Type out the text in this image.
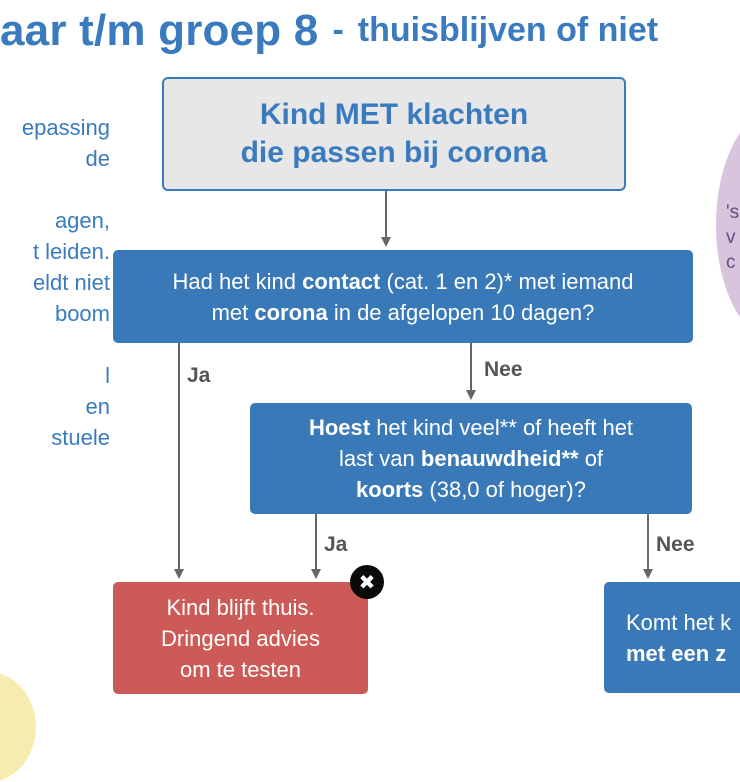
aar t/m groep 8 - thuisblijven of niet
epassing
de
agen,
t leiden.
eldt niet
boom
l
en
stuele
's
v
c
Kind MET klachten
die passen bij corona
Had het kind contact (cat. 1 en 2)* met iemand
met corona in de afgelopen 10 dagen?
Hoest het kind veel** of heeft het
last van benauwdheid** of
koorts (38,0 of hoger)?
Kind blijft thuis.
Dringend advies
om te testen
✖
Komt het k
met een z
Ja	Nee
Ja	Nee
